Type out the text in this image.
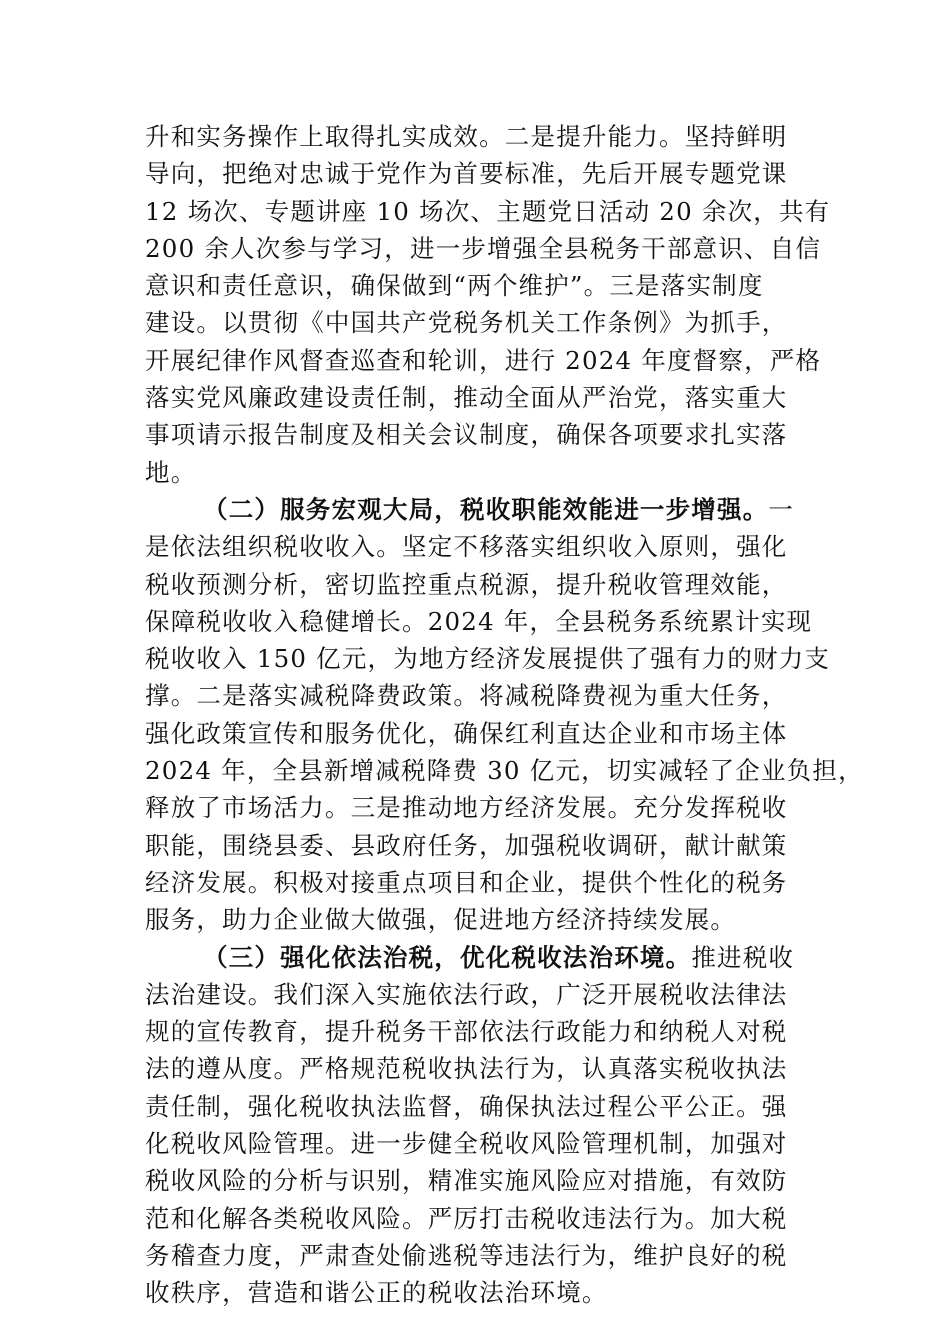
升和实务操作上取得扎实成效。二是提升能力。坚持鲜明
导向，把绝对忠诚于党作为首要标准，先后开展专题党课
12 场次、专题讲座 10 场次、主题党日活动 20 余次，共有
200 余人次参与学习，进一步增强全县税务干部意识、自信
意识和责任意识，确保做到“两个维护”。三是落实制度
建设。以贯彻《中国共产党税务机关工作条例》为抓手，
开展纪律作风督查巡查和轮训，进行 2024 年度督察，严格
落实党风廉政建设责任制，推动全面从严治党，落实重大
事项请示报告制度及相关会议制度，确保各项要求扎实落
地。
（二）服务宏观大局，税收职能效能进一步增强。一
是依法组织税收收入。坚定不移落实组织收入原则，强化
税收预测分析，密切监控重点税源，提升税收管理效能，
保障税收收入稳健增长。2024 年，全县税务系统累计实现
税收收入 150 亿元，为地方经济发展提供了强有力的财力支
撑。二是落实减税降费政策。将减税降费视为重大任务，
强化政策宣传和服务优化，确保红利直达企业和市场主体
2024 年，全县新增减税降费 30 亿元，切实减轻了企业负担，
释放了市场活力。三是推动地方经济发展。充分发挥税收
职能，围绕县委、县政府任务，加强税收调研，献计献策
经济发展。积极对接重点项目和企业，提供个性化的税务
服务，助力企业做大做强，促进地方经济持续发展。
（三）强化依法治税，优化税收法治环境。推进税收
法治建设。我们深入实施依法行政，广泛开展税收法律法
规的宣传教育，提升税务干部依法行政能力和纳税人对税
法的遵从度。严格规范税收执法行为，认真落实税收执法
责任制，强化税收执法监督，确保执法过程公平公正。强
化税收风险管理。进一步健全税收风险管理机制，加强对
税收风险的分析与识别，精准实施风险应对措施，有效防
范和化解各类税收风险。严厉打击税收违法行为。加大税
务稽查力度，严肃查处偷逃税等违法行为，维护良好的税
收秩序，营造和谐公正的税收法治环境。
